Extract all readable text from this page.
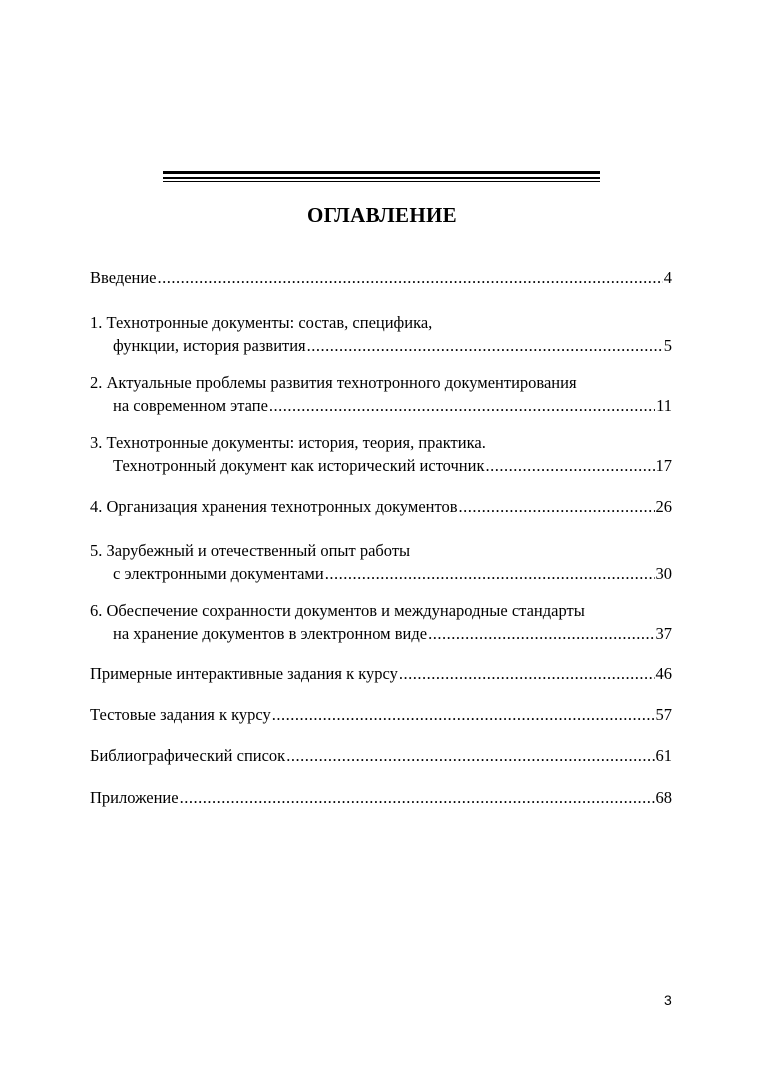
ОГЛАВЛЕНИЕ
Введение .....	4
1. Технотронные документы: состав, специфика,
функции, история развития .....	5
2. Актуальные проблемы развития технотронного документирования
на современном этапе .....	11
3. Технотронные документы: история, теория, практика.
Технотронный документ как исторический источник .....	17
4. Организация хранения технотронных документов .....	26
5. Зарубежный и отечественный опыт работы
с электронными документами .....	30
6. Обеспечение сохранности документов и международные стандарты
на хранение документов в электронном виде .....	37
Примерные интерактивные задания к курсу .....	46
Тестовые задания к курсу .....	57
Библиографический список .....	61
Приложение .....	68
3
